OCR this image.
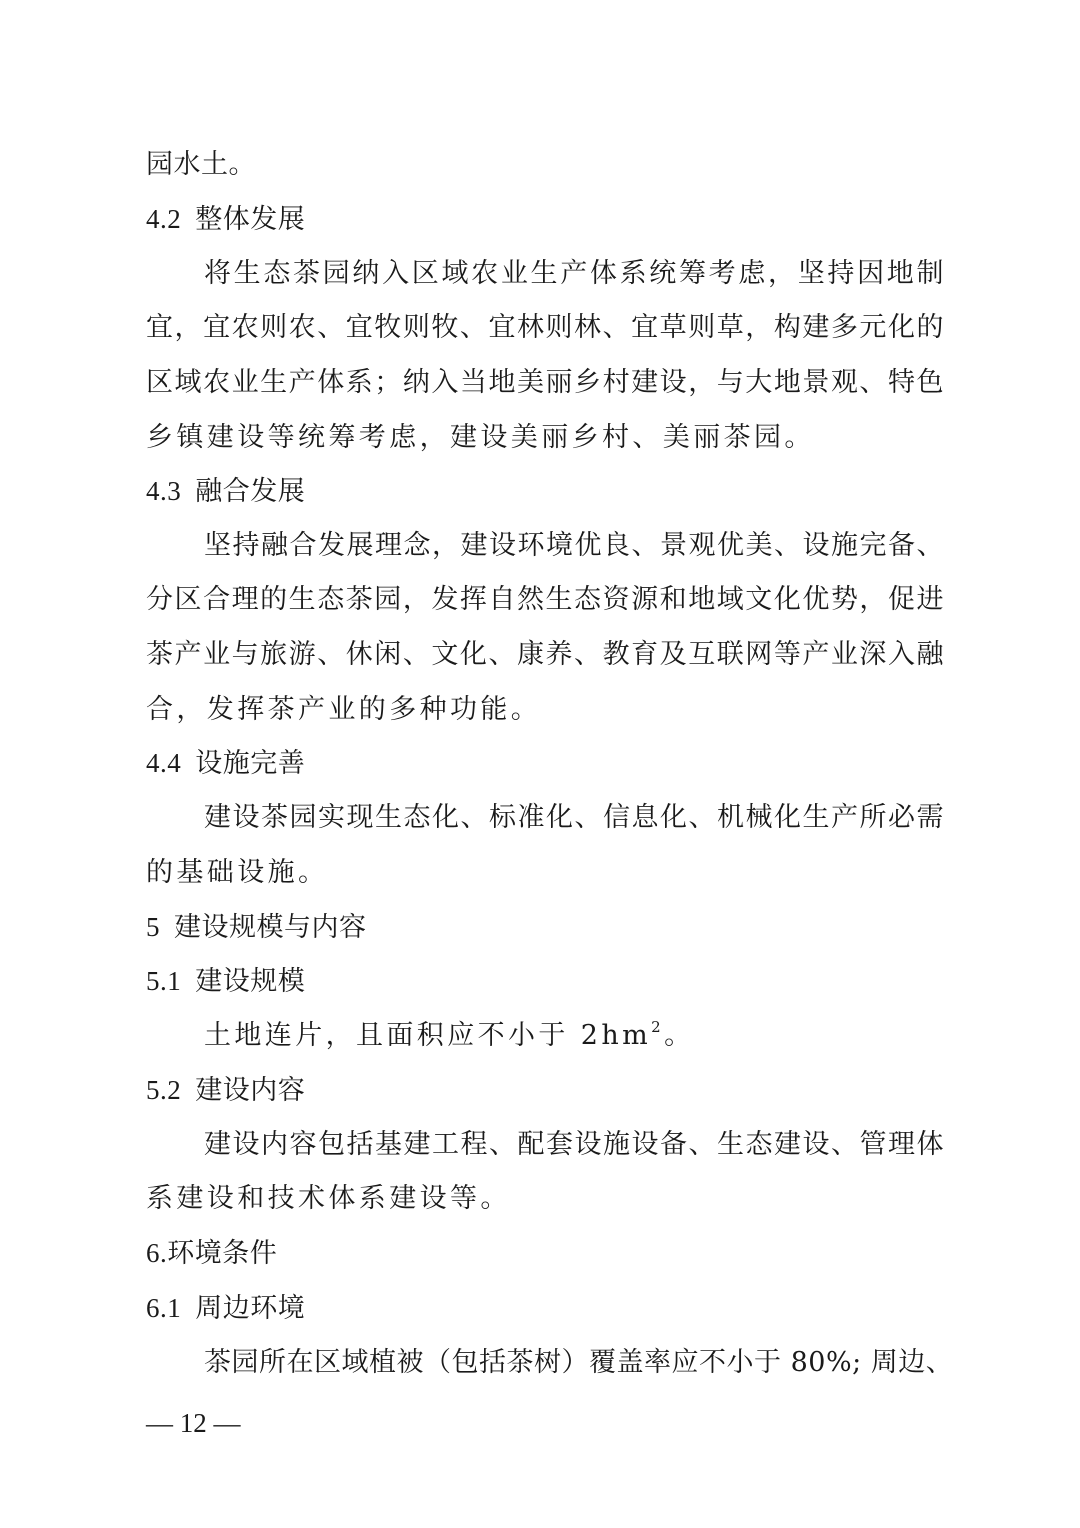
园水土。
4.2 整体发展
将生态茶园纳入区域农业生产体系统筹考虑，坚持因地制
宜，宜农则农、宜牧则牧、宜林则林、宜草则草，构建多元化的
区域农业生产体系；纳入当地美丽乡村建设，与大地景观、特色
乡镇建设等统筹考虑，建设美丽乡村、美丽茶园。
4.3 融合发展
坚持融合发展理念，建设环境优良、景观优美、设施完备、
分区合理的生态茶园，发挥自然生态资源和地域文化优势，促进
茶产业与旅游、休闲、文化、康养、教育及互联网等产业深入融
合，发挥茶产业的多种功能。
4.4 设施完善
建设茶园实现生态化、标准化、信息化、机械化生产所必需
的基础设施。
5 建设规模与内容
5.1 建设规模
土地连片，且面积应不小于 $2hm^2$。
5.2 建设内容
建设内容包括基建工程、配套设施设备、生态建设、管理体
系建设和技术体系建设等。
6.环境条件
6.1 周边环境
茶园所在区域植被（包括茶树）覆盖率应不小于 80%; 周边、
— 12 —
